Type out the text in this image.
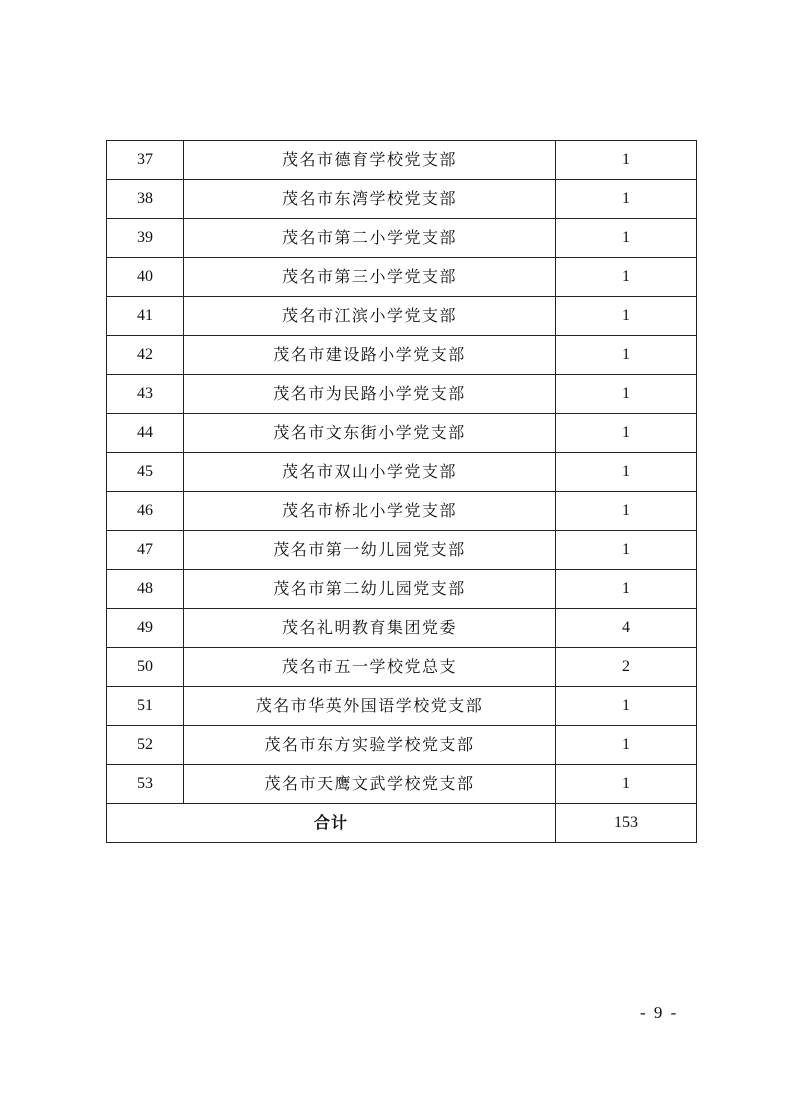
37	茂名市德育学校党支部	1
38	茂名市东湾学校党支部	1
39	茂名市第二小学党支部	1
40	茂名市第三小学党支部	1
41	茂名市江滨小学党支部	1
42	茂名市建设路小学党支部	1
43	茂名市为民路小学党支部	1
44	茂名市文东街小学党支部	1
45	茂名市双山小学党支部	1
46	茂名市桥北小学党支部	1
47	茂名市第一幼儿园党支部	1
48	茂名市第二幼儿园党支部	1
49	茂名礼明教育集团党委	4
50	茂名市五一学校党总支	2
51	茂名市华英外国语学校党支部	1
52	茂名市东方实验学校党支部	1
53	茂名市天鹰文武学校党支部	1
合计		153
- 9 -
